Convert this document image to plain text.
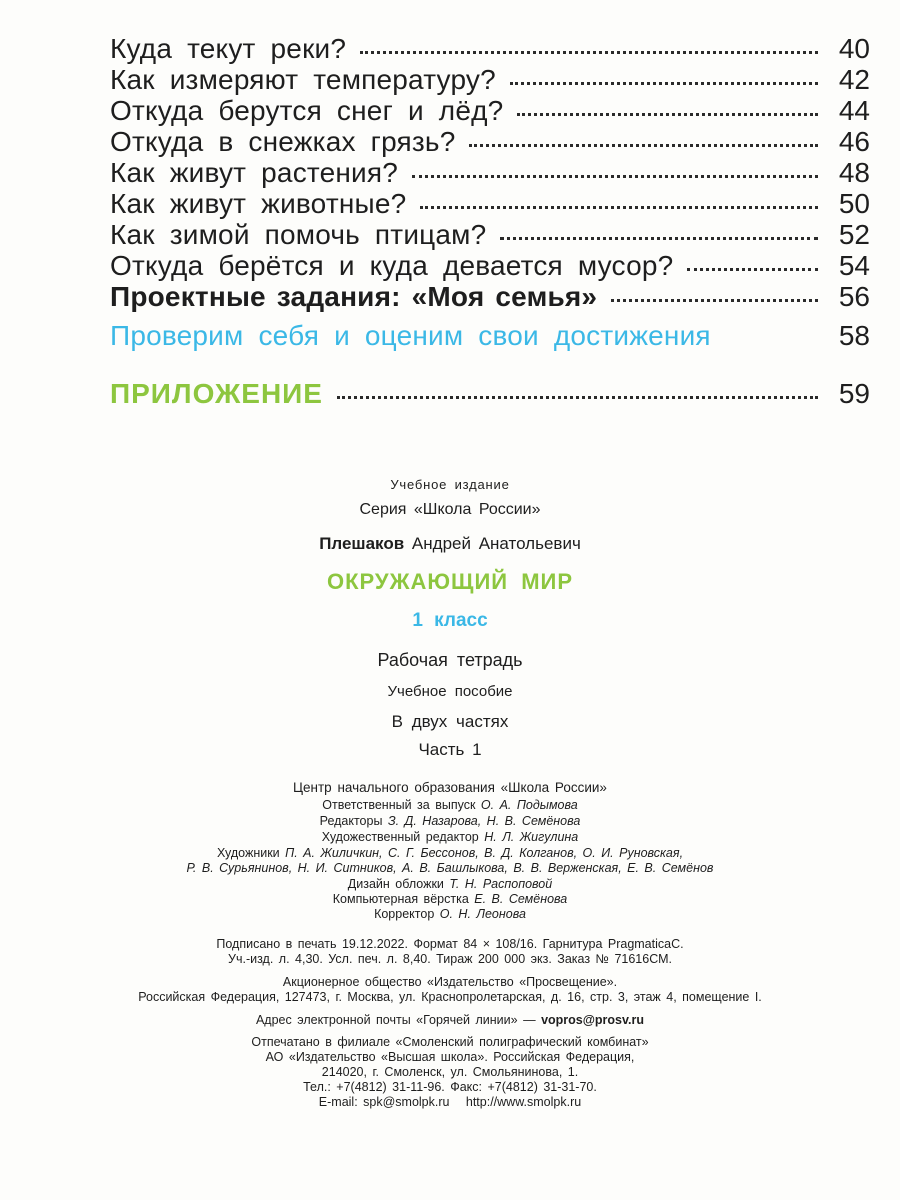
Куда текут реки?	40
Как измеряют температуру?	42
Откуда берутся снег и лёд?	44
Откуда в снежках грязь?	46
Как живут растения?	48
Как живут животные?	50
Как зимой помочь птицам?	52
Откуда берётся и куда девается мусор?	54
Проектные задания: «Моя семья»	56
Проверим себя и оценим свои достижения	58
ПРИЛОЖЕНИЕ	59
Учебное издание
Серия «Школа России»
Плешаков Андрей Анатольевич
ОКРУЖАЮЩИЙ МИР
1 класс
Рабочая тетрадь
Учебное пособие
В двух частях
Часть 1
Центр начального образования «Школа России»
Ответственный за выпуск О. А. Подымова
Редакторы З. Д. Назарова, Н. В. Семёнова
Художественный редактор Н. Л. Жигулина
Художники П. А. Жиличкин, С. Г. Бессонов, В. Д. Колганов, О. И. Руновская,
Р. В. Сурьянинов, Н. И. Ситников, А. В. Башлыкова, В. В. Верженская, Е. В. Семёнов
Дизайн обложки Т. Н. Распоповой
Компьютерная вёрстка Е. В. Семёнова
Корректор О. Н. Леонова
Подписано в печать 19.12.2022. Формат 84 × 108/16. Гарнитура PragmaticaC.
Уч.-изд. л. 4,30. Усл. печ. л. 8,40. Тираж 200 000 экз. Заказ № 71616СМ.
Акционерное общество «Издательство «Просвещение».
Российская Федерация, 127473, г. Москва, ул. Краснопролетарская, д. 16, стр. 3, этаж 4, помещение I.
Адрес электронной почты «Горячей линии» — vopros@prosv.ru
Отпечатано в филиале «Смоленский полиграфический комбинат»
АО «Издательство «Высшая школа». Российская Федерация,
214020, г. Смоленск, ул. Смольянинова, 1.
Тел.: +7(4812) 31-11-96. Факс: +7(4812) 31-31-70.
E-mail: spk@smolpk.ru   http://www.smolpk.ru
